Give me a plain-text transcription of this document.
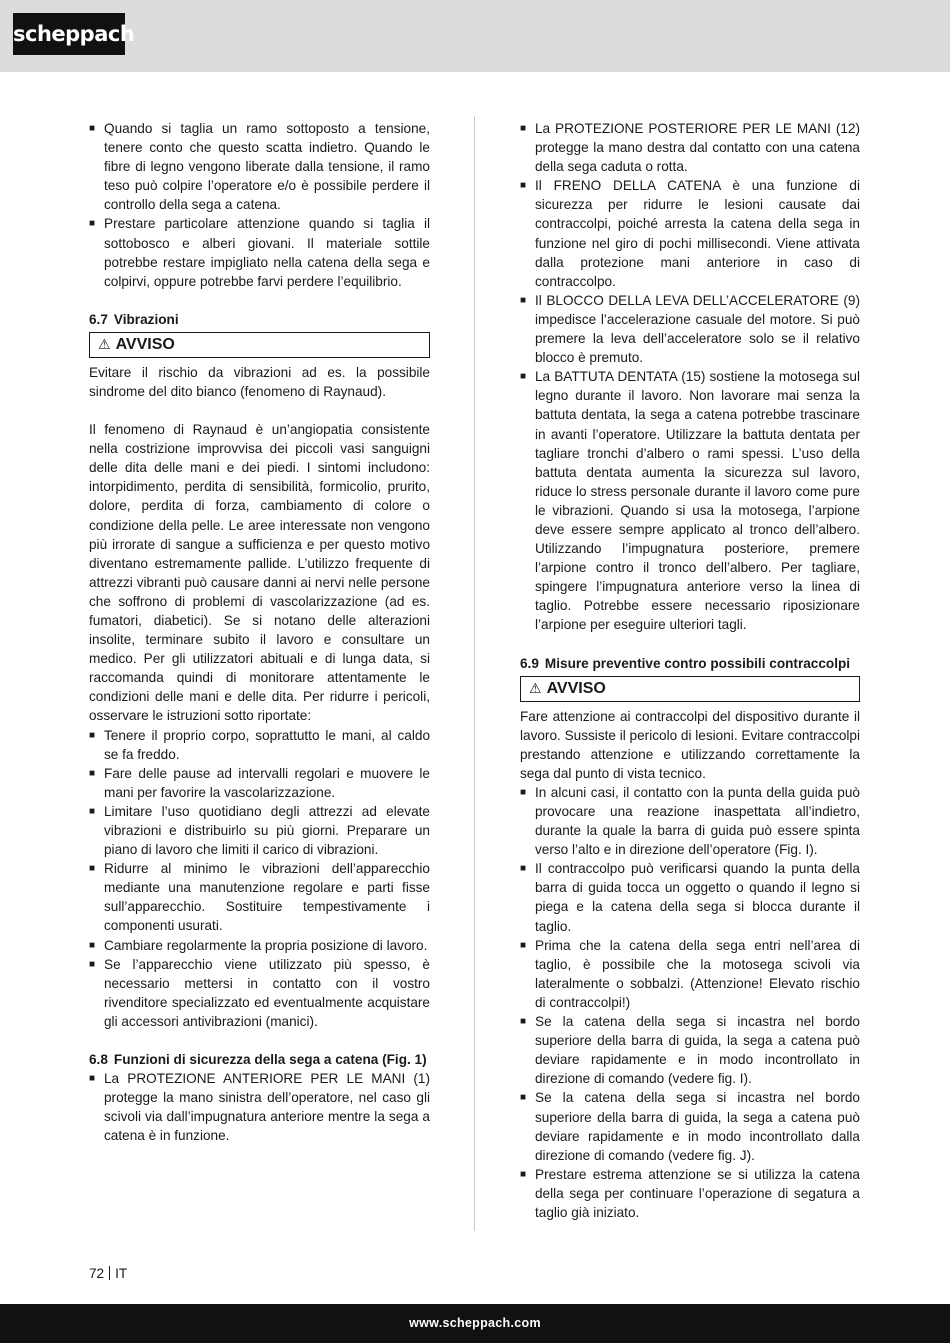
scheppach
■ Quando si taglia un ramo sottoposto a tensione, tenere conto che questo scatta indietro. Quando le fibre di legno vengono liberate dalla tensione, il ramo teso può colpire l’operatore e/o è possibile perdere il controllo della sega a catena.
■ Prestare particolare attenzione quando si taglia il sottobosco e alberi giovani. Il materiale sottile potrebbe restare impigliato nella catena della sega e colpirvi, oppure potrebbe farvi perdere l’equilibrio.
6.7 Vibrazioni
⚠ AVVISO

Evitare il rischio da vibrazioni ad es. la possibile sindrome del dito bianco (fenomeno di Raynaud).

Il fenomeno di Raynaud è un’angiopatia consistente nella costrizione improvvisa dei piccoli vasi sanguigni delle dita delle mani e dei piedi. I sintomi includono: intorpidimento, perdita di sensibilità, formicolio, prurito, dolore, perdita di forza, cambiamento di colore o condizione della pelle. Le aree interessate non vengono più irrorate di sangue a sufficienza e per questo motivo diventano estremamente pallide. L’utilizzo frequente di attrezzi vibranti può causare danni ai nervi nelle persone che soffrono di problemi di vascolarizzazione (ad es. fumatori, diabetici). Se si notano delle alterazioni insolite, terminare subito il lavoro e consultare un medico. Per gli utilizzatori abituali e di lunga data, si raccomanda quindi di monitorare attentamente le condizioni delle mani e delle dita. Per ridurre i pericoli, osservare le istruzioni sotto riportate:

■ Tenere il proprio corpo, soprattutto le mani, al caldo se fa freddo.
■ Fare delle pause ad intervalli regolari e muovere le mani per favorire la vascolarizzazione.
■ Limitare l’uso quotidiano degli attrezzi ad elevate vibrazioni e distribuirlo su più giorni. Preparare un piano di lavoro che limiti il carico di vibrazioni.
■ Ridurre al minimo le vibrazioni dell’apparecchio mediante una manutenzione regolare e parti fisse sull’apparecchio. Sostituire tempestivamente i componenti usurati.
■ Cambiare regolarmente la propria posizione di lavoro.
■ Se l’apparecchio viene utilizzato più spesso, è necessario mettersi in contatto con il vostro rivenditore specializzato ed eventualmente acquistare gli accessori antivibrazioni (manici).
6.8 Funzioni di sicurezza della sega a catena (Fig. 1)
■ La PROTEZIONE ANTERIORE PER LE MANI (1) protegge la mano sinistra dell’operatore, nel caso gli scivoli via dall’impugnatura anteriore mentre la sega a catena è in funzione.
■ La PROTEZIONE POSTERIORE PER LE MANI (12) protegge la mano destra dal contatto con una catena della sega caduta o rotta.
■ Il FRENO DELLA CATENA è una funzione di sicurezza per ridurre le lesioni causate dai contraccolpi, poiché arresta la catena della sega in funzione nel giro di pochi millisecondi. Viene attivata dalla protezione mani anteriore in caso di contraccolpo.
■ Il BLOCCO DELLA LEVA DELL’ACCELERATORE (9) impedisce l’accelerazione casuale del motore. Si può premere la leva dell’acceleratore solo se il relativo blocco è premuto.
■ La BATTUTA DENTATA (15) sostiene la motosega sul legno durante il lavoro. Non lavorare mai senza la battuta dentata, la sega a catena potrebbe trascinare in avanti l’operatore. Utilizzare la battuta dentata per tagliare tronchi d’albero o rami spessi. L’uso della battuta dentata aumenta la sicurezza sul lavoro, riduce lo stress personale durante il lavoro come pure le vibrazioni. Quando si usa la motosega, l’arpione deve essere sempre applicato al tronco dell’albero. Utilizzando l’impugnatura posteriore, premere l’arpione contro il tronco dell’albero. Per tagliare, spingere l’impugnatura anteriore verso la linea di taglio. Potrebbe essere necessario riposizionare l’arpione per eseguire ulteriori tagli.
6.9 Misure preventive contro possibili contraccolpi
⚠ AVVISO

Fare attenzione ai contraccolpi del dispositivo durante il lavoro. Sussiste il pericolo di lesioni. Evitare contraccolpi prestando attenzione e utilizzando correttamente la sega dal punto di vista tecnico.

■ In alcuni casi, il contatto con la punta della guida può provocare una reazione inaspettata all’indietro, durante la quale la barra di guida può essere spinta verso l’alto e in direzione dell’operatore (Fig. I).
■ Il contraccolpo può verificarsi quando la punta della barra di guida tocca un oggetto o quando il legno si piega e la catena della sega si blocca durante il taglio.
■ Prima che la catena della sega entri nell’area di taglio, è possibile che la motosega scivoli via lateralmente o sobbalzi. (Attenzione! Elevato rischio di contraccolpi!)
■ Se la catena della sega si incastra nel bordo superiore della barra di guida, la sega a catena può deviare rapidamente e in modo incontrollato in direzione di comando (vedere fig. I).
■ Se la catena della sega si incastra nel bordo superiore della barra di guida, la sega a catena può deviare rapidamente e in modo incontrollato dalla direzione di comando (vedere fig. J).
■ Prestare estrema attenzione se si utilizza la catena della sega per continuare l’operazione di segatura a taglio già iniziato.
72 IT
www.scheppach.com
